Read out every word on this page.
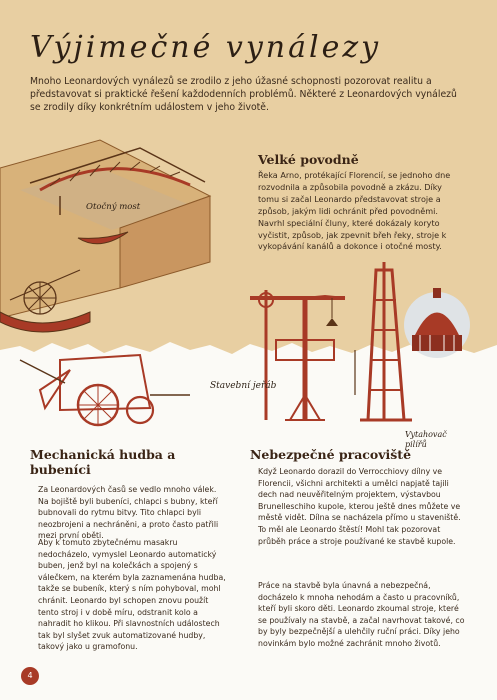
Výjimečné vynálezy

Mnoho Leonardových vynálezů se zrodilo z jeho úžasné schopnosti pozorovat realitu a představovat si praktické řešení každodenních problémů. Některé z Leonardových vynálezů se zrodily díky konkrétním událostem v jeho životě.

Velké povodně

Řeka Arno, protékající Florencií, se jednoho dne rozvodnila a způsobila povodně a zkázu. Díky tomu si začal Leonardo představovat stroje a způsob, jakým lidi ochránit před povodněmi. Navrhl speciální čluny, které dokázaly koryto vyčistit, způsob, jak zpevnit břeh řeky, stroje k vykopávání kanálů a dokonce i otočné mosty.

Otočný most
Stavební jeřáb
Vytahovač pilířů
Mechanická hudba a bubeníci

Za Leonardových časů se vedlo mnoho válek. Na bojiště byli bubeníci, chlapci s bubny, kteří bubnovali do rytmu bitvy. Tito chlapci byli neozbrojeni a nechráněni, a proto často patřili mezi první oběti.

Aby k tomuto zbytečnému masakru nedocházelo, vymyslel Leonardo automatický buben, jenž byl na kolečkách a spojený s válečkem, na kterém byla zaznamenána hudba, takže se bubeník, který s ním pohyboval, mohl chránit. Leonardo byl schopen znovu použít tento stroj i v době míru, odstranit kolo a nahradit ho klikou. Při slavnostních událostech tak byl slyšet zvuk automatizované hudby, takový jako u gramofonu.

Nebezpečné pracoviště

Když Leonardo dorazil do Verrocchiovy dílny ve Florencii, všichni architekti a umělci napjatě tajili dech nad neuvěřitelným projektem, výstavbou Brunelleschiho kupole, kterou ještě dnes můžete ve městě vidět. Dílna se nacházela přímo u staveniště. To měl ale Leonardo štěstí! Mohl tak pozorovat průběh práce a stroje používané ke stavbě kupole.

Práce na stavbě byla únavná a nebezpečná, docházelo k mnoha nehodám a často u pracovníků, kteří byli skoro děti. Leonardo zkoumal stroje, které se používaly na stavbě, a začal navrhovat takové, co by byly bezpečnější a ulehčily ruční práci. Díky jeho novinkám bylo možné zachránit mnoho životů.

4
